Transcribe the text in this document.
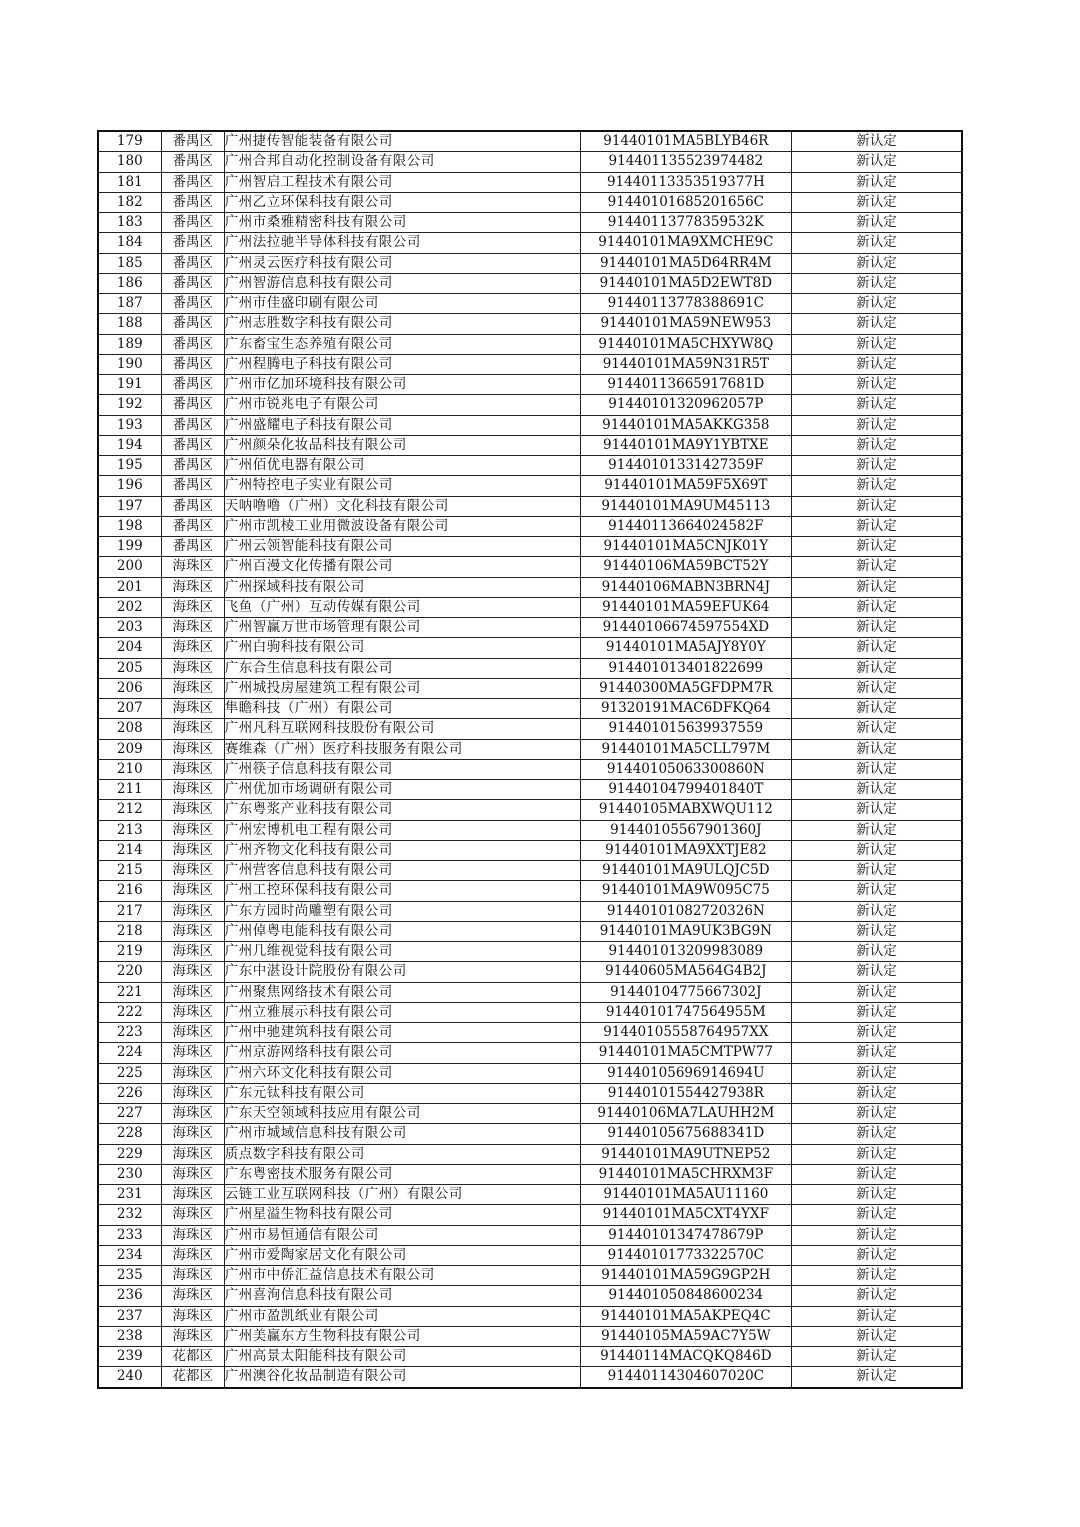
179	番禺区	广州捷传智能装备有限公司	91440101MA5BLYB46R	新认定
180	番禺区	广州合邦自动化控制设备有限公司	914401135523974482	新认定
181	番禺区	广州智启工程技术有限公司	91440113353519377H	新认定
182	番禺区	广州乙立环保科技有限公司	91440101685201656C	新认定
183	番禺区	广州市桑雅精密科技有限公司	91440113778359532K	新认定
184	番禺区	广州法拉驰半导体科技有限公司	91440101MA9XMCHE9C	新认定
185	番禺区	广州灵云医疗科技有限公司	91440101MA5D64RR4M	新认定
186	番禺区	广州智游信息科技有限公司	91440101MA5D2EWT8D	新认定
187	番禺区	广州市佳盛印刷有限公司	91440113778388691C	新认定
188	番禺区	广州志胜数字科技有限公司	91440101MA59NEW953	新认定
189	番禺区	广东畜宝生态养殖有限公司	91440101MA5CHXYW8Q	新认定
190	番禺区	广州程腾电子科技有限公司	91440101MA59N31R5T	新认定
191	番禺区	广州市亿加环境科技有限公司	91440113665917681D	新认定
192	番禺区	广州市锐兆电子有限公司	91440101320962057P	新认定
193	番禺区	广州盛耀电子科技有限公司	91440101MA5AKKG358	新认定
194	番禺区	广州颜朵化妆品科技有限公司	91440101MA9Y1YBTXE	新认定
195	番禺区	广州佰优电器有限公司	91440101331427359F	新认定
196	番禺区	广州特控电子实业有限公司	91440101MA59F5X69T	新认定
197	番禺区	天呐噜噜（广州）文化科技有限公司	91440101MA9UM45113	新认定
198	番禺区	广州市凯棱工业用微波设备有限公司	91440113664024582F	新认定
199	番禺区	广州云领智能科技有限公司	91440101MA5CNJK01Y	新认定
200	海珠区	广州百漫文化传播有限公司	91440106MA59BCT52Y	新认定
201	海珠区	广州探域科技有限公司	91440106MABN3BRN4J	新认定
202	海珠区	飞鱼（广州）互动传媒有限公司	91440101MA59EFUK64	新认定
203	海珠区	广州智赢万世市场管理有限公司	91440106674597554XD	新认定
204	海珠区	广州白驹科技有限公司	91440101MA5AJY8Y0Y	新认定
205	海珠区	广东合生信息科技有限公司	914401013401822699	新认定
206	海珠区	广州城投房屋建筑工程有限公司	91440300MA5GFDPM7R	新认定
207	海珠区	隼瞻科技（广州）有限公司	91320191MAC6DFKQ64	新认定
208	海珠区	广州凡科互联网科技股份有限公司	914401015639937559	新认定
209	海珠区	赛维森（广州）医疗科技服务有限公司	91440101MA5CLL797M	新认定
210	海珠区	广州筷子信息科技有限公司	91440105063300860N	新认定
211	海珠区	广州优加市场调研有限公司	91440104799401840T	新认定
212	海珠区	广东粤浆产业科技有限公司	91440105MABXWQU112	新认定
213	海珠区	广州宏博机电工程有限公司	91440105567901360J	新认定
214	海珠区	广州齐物文化科技有限公司	91440101MA9XXTJE82	新认定
215	海珠区	广州营客信息科技有限公司	91440101MA9ULQJC5D	新认定
216	海珠区	广州工控环保科技有限公司	91440101MA9W095C75	新认定
217	海珠区	广东方园时尚雕塑有限公司	91440101082720326N	新认定
218	海珠区	广州倬粤电能科技有限公司	91440101MA9UK3BG9N	新认定
219	海珠区	广州几维视觉科技有限公司	914401013209983089	新认定
220	海珠区	广东中湛设计院股份有限公司	91440605MA564G4B2J	新认定
221	海珠区	广州聚焦网络技术有限公司	91440104775667302J	新认定
222	海珠区	广州立雅展示科技有限公司	91440101747564955M	新认定
223	海珠区	广州中驰建筑科技有限公司	91440105558764957XX	新认定
224	海珠区	广州京游网络科技有限公司	91440101MA5CMTPW77	新认定
225	海珠区	广州六环文化科技有限公司	91440105696914694U	新认定
226	海珠区	广东元钛科技有限公司	91440101554427938R	新认定
227	海珠区	广东天空领域科技应用有限公司	91440106MA7LAUHH2M	新认定
228	海珠区	广州市城域信息科技有限公司	91440105675688341D	新认定
229	海珠区	质点数字科技有限公司	91440101MA9UTNEP52	新认定
230	海珠区	广东粤密技术服务有限公司	91440101MA5CHRXM3F	新认定
231	海珠区	云链工业互联网科技（广州）有限公司	91440101MA5AU11160	新认定
232	海珠区	广州星溢生物科技有限公司	91440101MA5CXT4YXF	新认定
233	海珠区	广州市易恒通信有限公司	91440101347478679P	新认定
234	海珠区	广州市爱陶家居文化有限公司	91440101773322570C	新认定
235	海珠区	广州市中侨汇益信息技术有限公司	91440101MA59G9GP2H	新认定
236	海珠区	广州喜洵信息科技有限公司	914401050848600234	新认定
237	海珠区	广州市盈凯纸业有限公司	91440101MA5AKPEQ4C	新认定
238	海珠区	广州美赢东方生物科技有限公司	91440105MA59AC7Y5W	新认定
239	花都区	广州高景太阳能科技有限公司	91440114MACQKQ846D	新认定
240	花都区	广州澳谷化妆品制造有限公司	91440114304607020C	新认定
